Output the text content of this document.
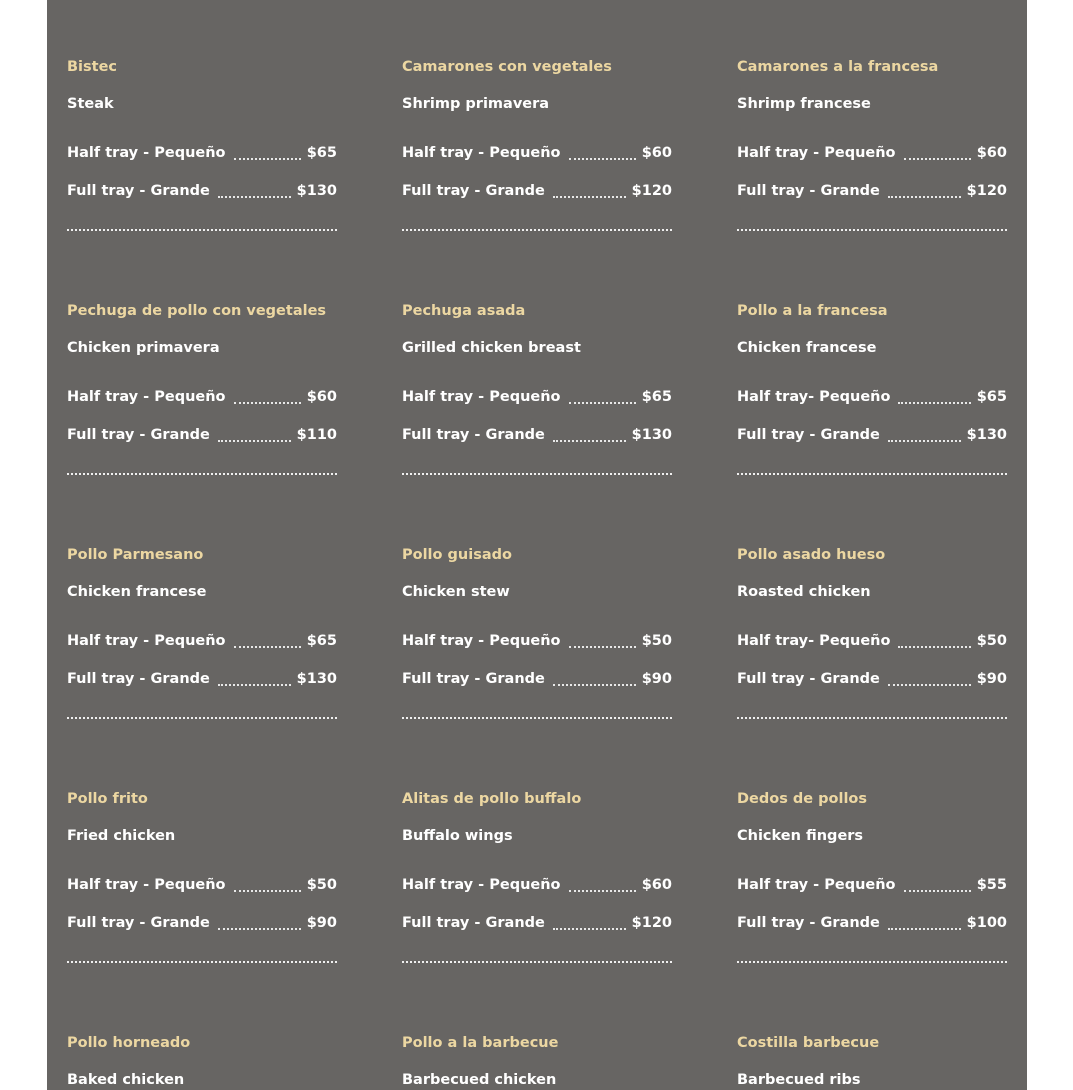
Bistec
Steak
Half tray - Pequeño	$65
Full tray - Grande	$130
Camarones con vegetales
Shrimp primavera
Half tray - Pequeño	$60
Full tray - Grande	$120
Camarones a la francesa
Shrimp francese
Half tray - Pequeño	$60
Full tray - Grande	$120
Pechuga de pollo con vegetales
Chicken primavera
Half tray - Pequeño	$60
Full tray - Grande	$110
Pechuga asada
Grilled chicken breast
Half tray - Pequeño	$65
Full tray - Grande	$130
Pollo a la francesa
Chicken francese
Half tray- Pequeño	$65
Full tray - Grande	$130
Pollo Parmesano
Chicken francese
Half tray - Pequeño	$65
Full tray - Grande	$130
Pollo guisado
Chicken stew
Half tray - Pequeño	$50
Full tray - Grande	$90
Pollo asado hueso
Roasted chicken
Half tray- Pequeño	$50
Full tray - Grande	$90
Pollo frito
Fried chicken
Half tray - Pequeño	$50
Full tray - Grande	$90
Alitas de pollo buffalo
Buffalo wings
Half tray - Pequeño	$60
Full tray - Grande	$120
Dedos de pollos
Chicken fingers
Half tray - Pequeño	$55
Full tray - Grande	$100
Pollo horneado
Baked chicken
Pollo a la barbecue
Barbecued chicken
Costilla barbecue
Barbecued ribs
